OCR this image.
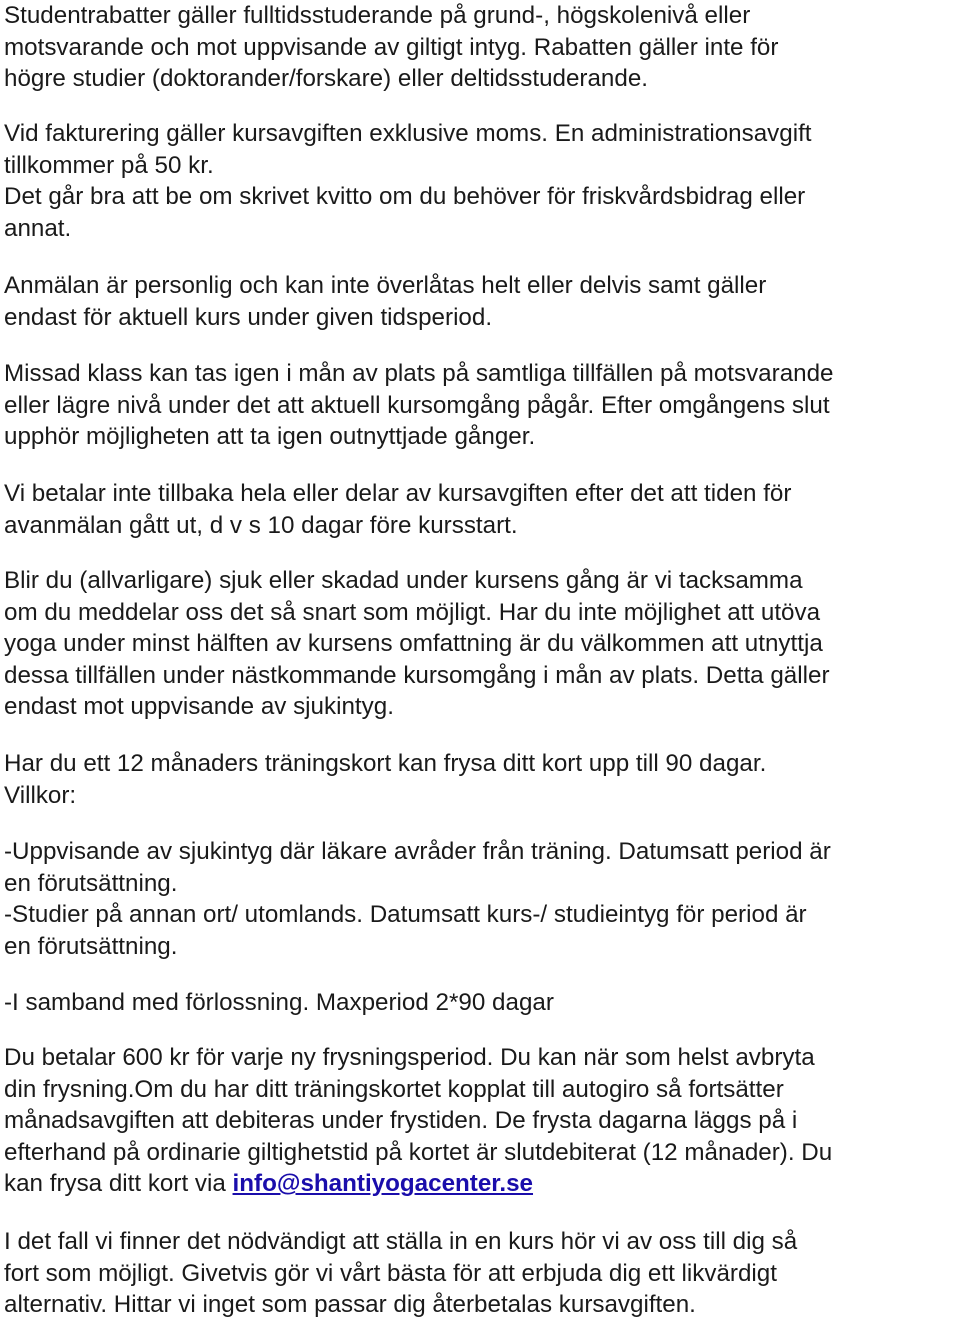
Studentrabatter gäller fulltidsstuderande på grund-, högskolenivå eller
motsvarande och mot uppvisande av giltigt intyg. Rabatten gäller inte för
högre studier (doktorander/forskare) eller deltidsstuderande.

Vid fakturering gäller kursavgiften exklusive moms. En administrationsavgift
tillkommer på 50 kr.
Det går bra att be om skrivet kvitto om du behöver för friskvårdsbidrag eller
annat.

Anmälan är personlig och kan inte överlåtas helt eller delvis samt gäller
endast för aktuell kurs under given tidsperiod.

Missad klass kan tas igen i mån av plats på samtliga tillfällen på motsvarande
eller lägre nivå under det att aktuell kursomgång pågår. Efter omgångens slut
upphör möjligheten att ta igen outnyttjade gånger.

Vi betalar inte tillbaka hela eller delar av kursavgiften efter det att tiden för
avanmälan gått ut, d v s 10 dagar före kursstart.

Blir du (allvarligare) sjuk eller skadad under kursens gång är vi tacksamma
om du meddelar oss det så snart som möjligt. Har du inte möjlighet att utöva
yoga under minst hälften av kursens omfattning är du välkommen att utnyttja
dessa tillfällen under nästkommande kursomgång i mån av plats. Detta gäller
endast mot uppvisande av sjukintyg.

Har du ett 12 månaders träningskort kan frysa ditt kort upp till 90 dagar.
Villkor:

-Uppvisande av sjukintyg där läkare avråder från träning. Datumsatt period är
en förutsättning.
-Studier på annan ort/ utomlands. Datumsatt kurs-/ studieintyg för period är
en förutsättning.

-I samband med förlossning. Maxperiod 2*90 dagar

Du betalar 600 kr för varje ny frysningsperiod. Du kan när som helst avbryta
din frysning.Om du har ditt träningskortet kopplat till autogiro så fortsätter
månadsavgiften att debiteras under frystiden. De frysta dagarna läggs på i
efterhand på ordinarie giltighetstid på kortet är slutdebiterat (12 månader). Du
kan frysa ditt kort via info@shantiyogacenter.se

I det fall vi finner det nödvändigt att ställa in en kurs hör vi av oss till dig så
fort som möjligt. Givetvis gör vi vårt bästa för att erbjuda dig ett likvärdigt
alternativ. Hittar vi inget som passar dig återbetalas kursavgiften.
